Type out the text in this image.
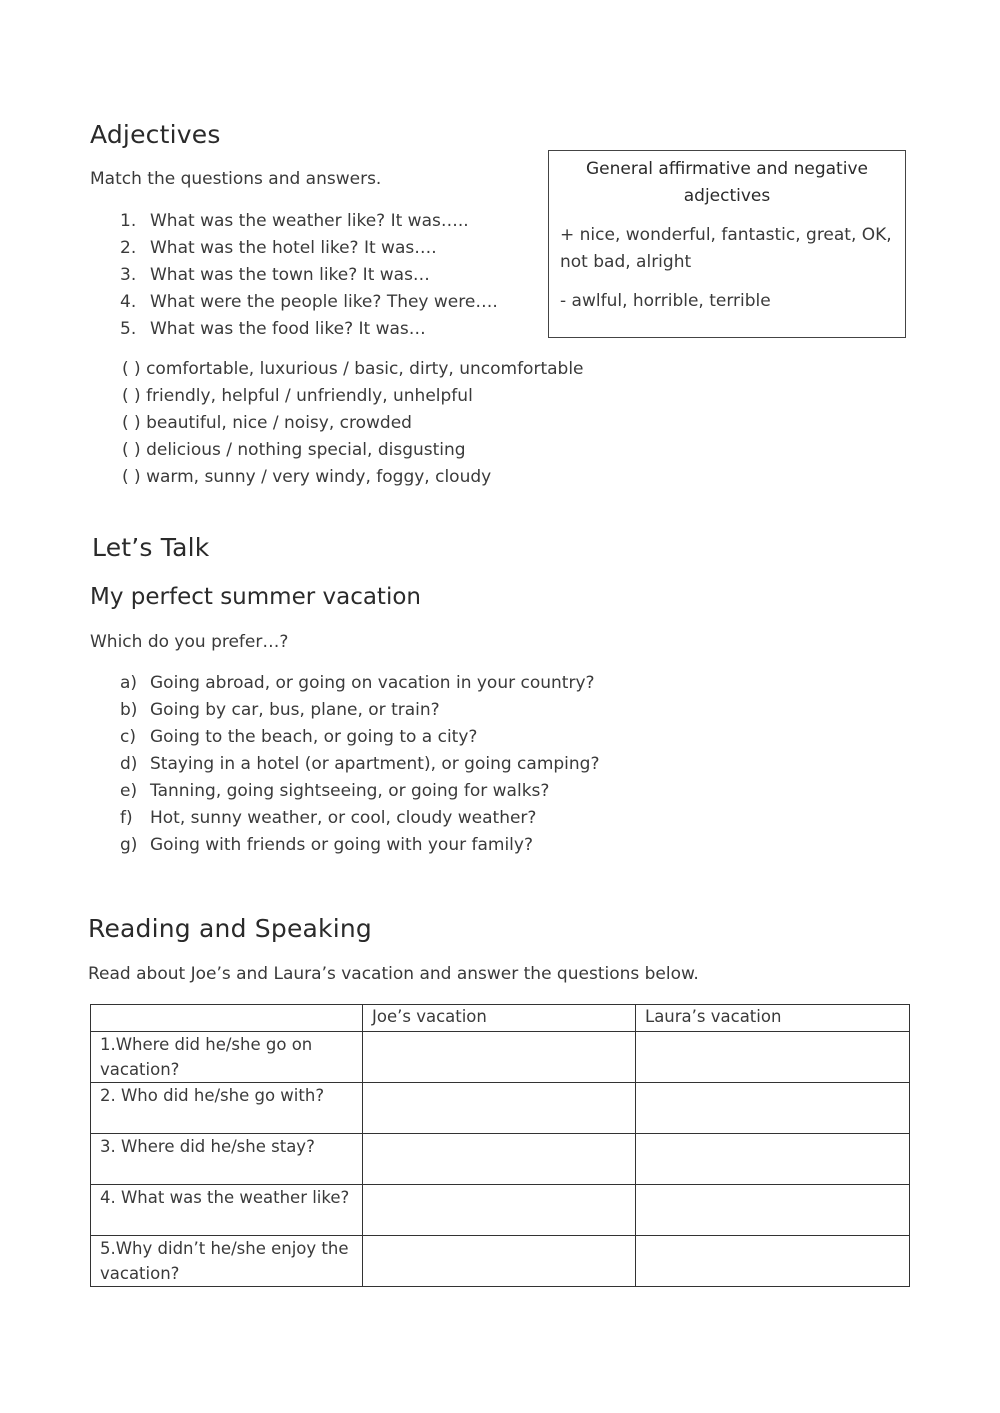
Adjectives
Match the questions and answers.
1. What was the weather like? It was…..
2. What was the hotel like? It was….
3. What was the town like? It was…
4. What were the people like? They were….
5. What was the food like? It was…
General affirmative and negative adjectives
+ nice, wonderful, fantastic, great, OK, not bad, alright
- awlful, horrible, terrible
( ) comfortable, luxurious / basic, dirty, uncomfortable
( ) friendly, helpful / unfriendly, unhelpful
( ) beautiful, nice / noisy, crowded
( ) delicious / nothing special, disgusting
( ) warm, sunny / very windy, foggy, cloudy
Let’s Talk
My perfect summer vacation
Which do you prefer…?
a) Going abroad, or going on vacation in your country?
b) Going by car, bus, plane, or train?
c) Going to the beach, or going to a city?
d) Staying in a hotel (or apartment), or going camping?
e) Tanning, going sightseeing, or going for walks?
f) Hot, sunny weather, or cool, cloudy weather?
g) Going with friends or going with your family?
Reading and Speaking
Read about Joe’s and Laura’s vacation and answer the questions below.
	Joe’s vacation	Laura’s vacation
1.Where did he/she go on vacation?		
2. Who did he/she go with?		
3. Where did he/she stay?		
4. What was the weather like?		
5.Why didn’t he/she enjoy the vacation?		
